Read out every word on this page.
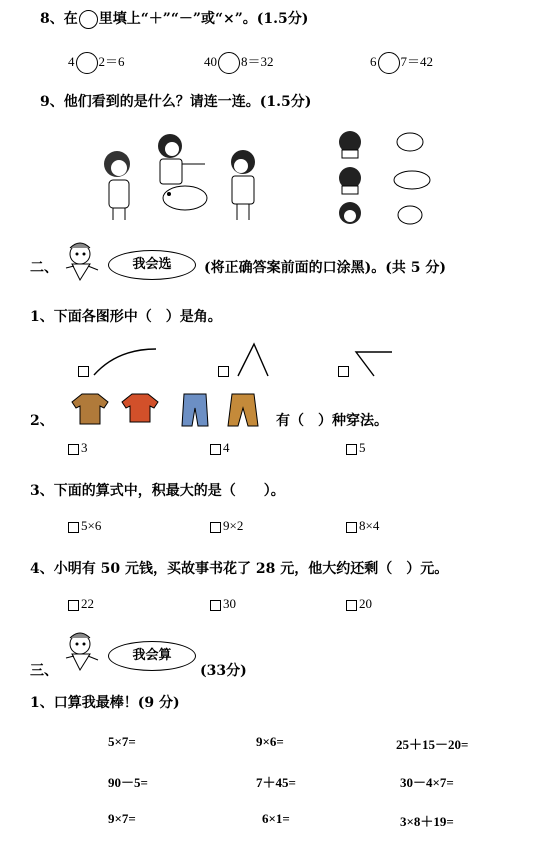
8、在 里填上“＋”“－”或“×”。(1.5分)
4 2＝6	40 8＝32	6 7＝42
9、他们看到的是什么？请连一连。(1.5分)
二、	我会选	(将正确答案前面的口涂黑)。(共 5 分)
1、下面各图形中（　）是角。
2、	有（　）种穿法。
3	4	5
3、下面的算式中，积最大的是（　　）。
5×6	9×2	8×4
4、小明有 50 元钱，买故事书花了 28 元，他大约还剩（　）元。
22	30	20
三、
我会算
(33分)
1、口算我最棒！(9 分)
5×7=	9×6=	25＋15－20=
90－5=	7＋45=	30－4×7=
9×7=	6×1=	3×8＋19=
